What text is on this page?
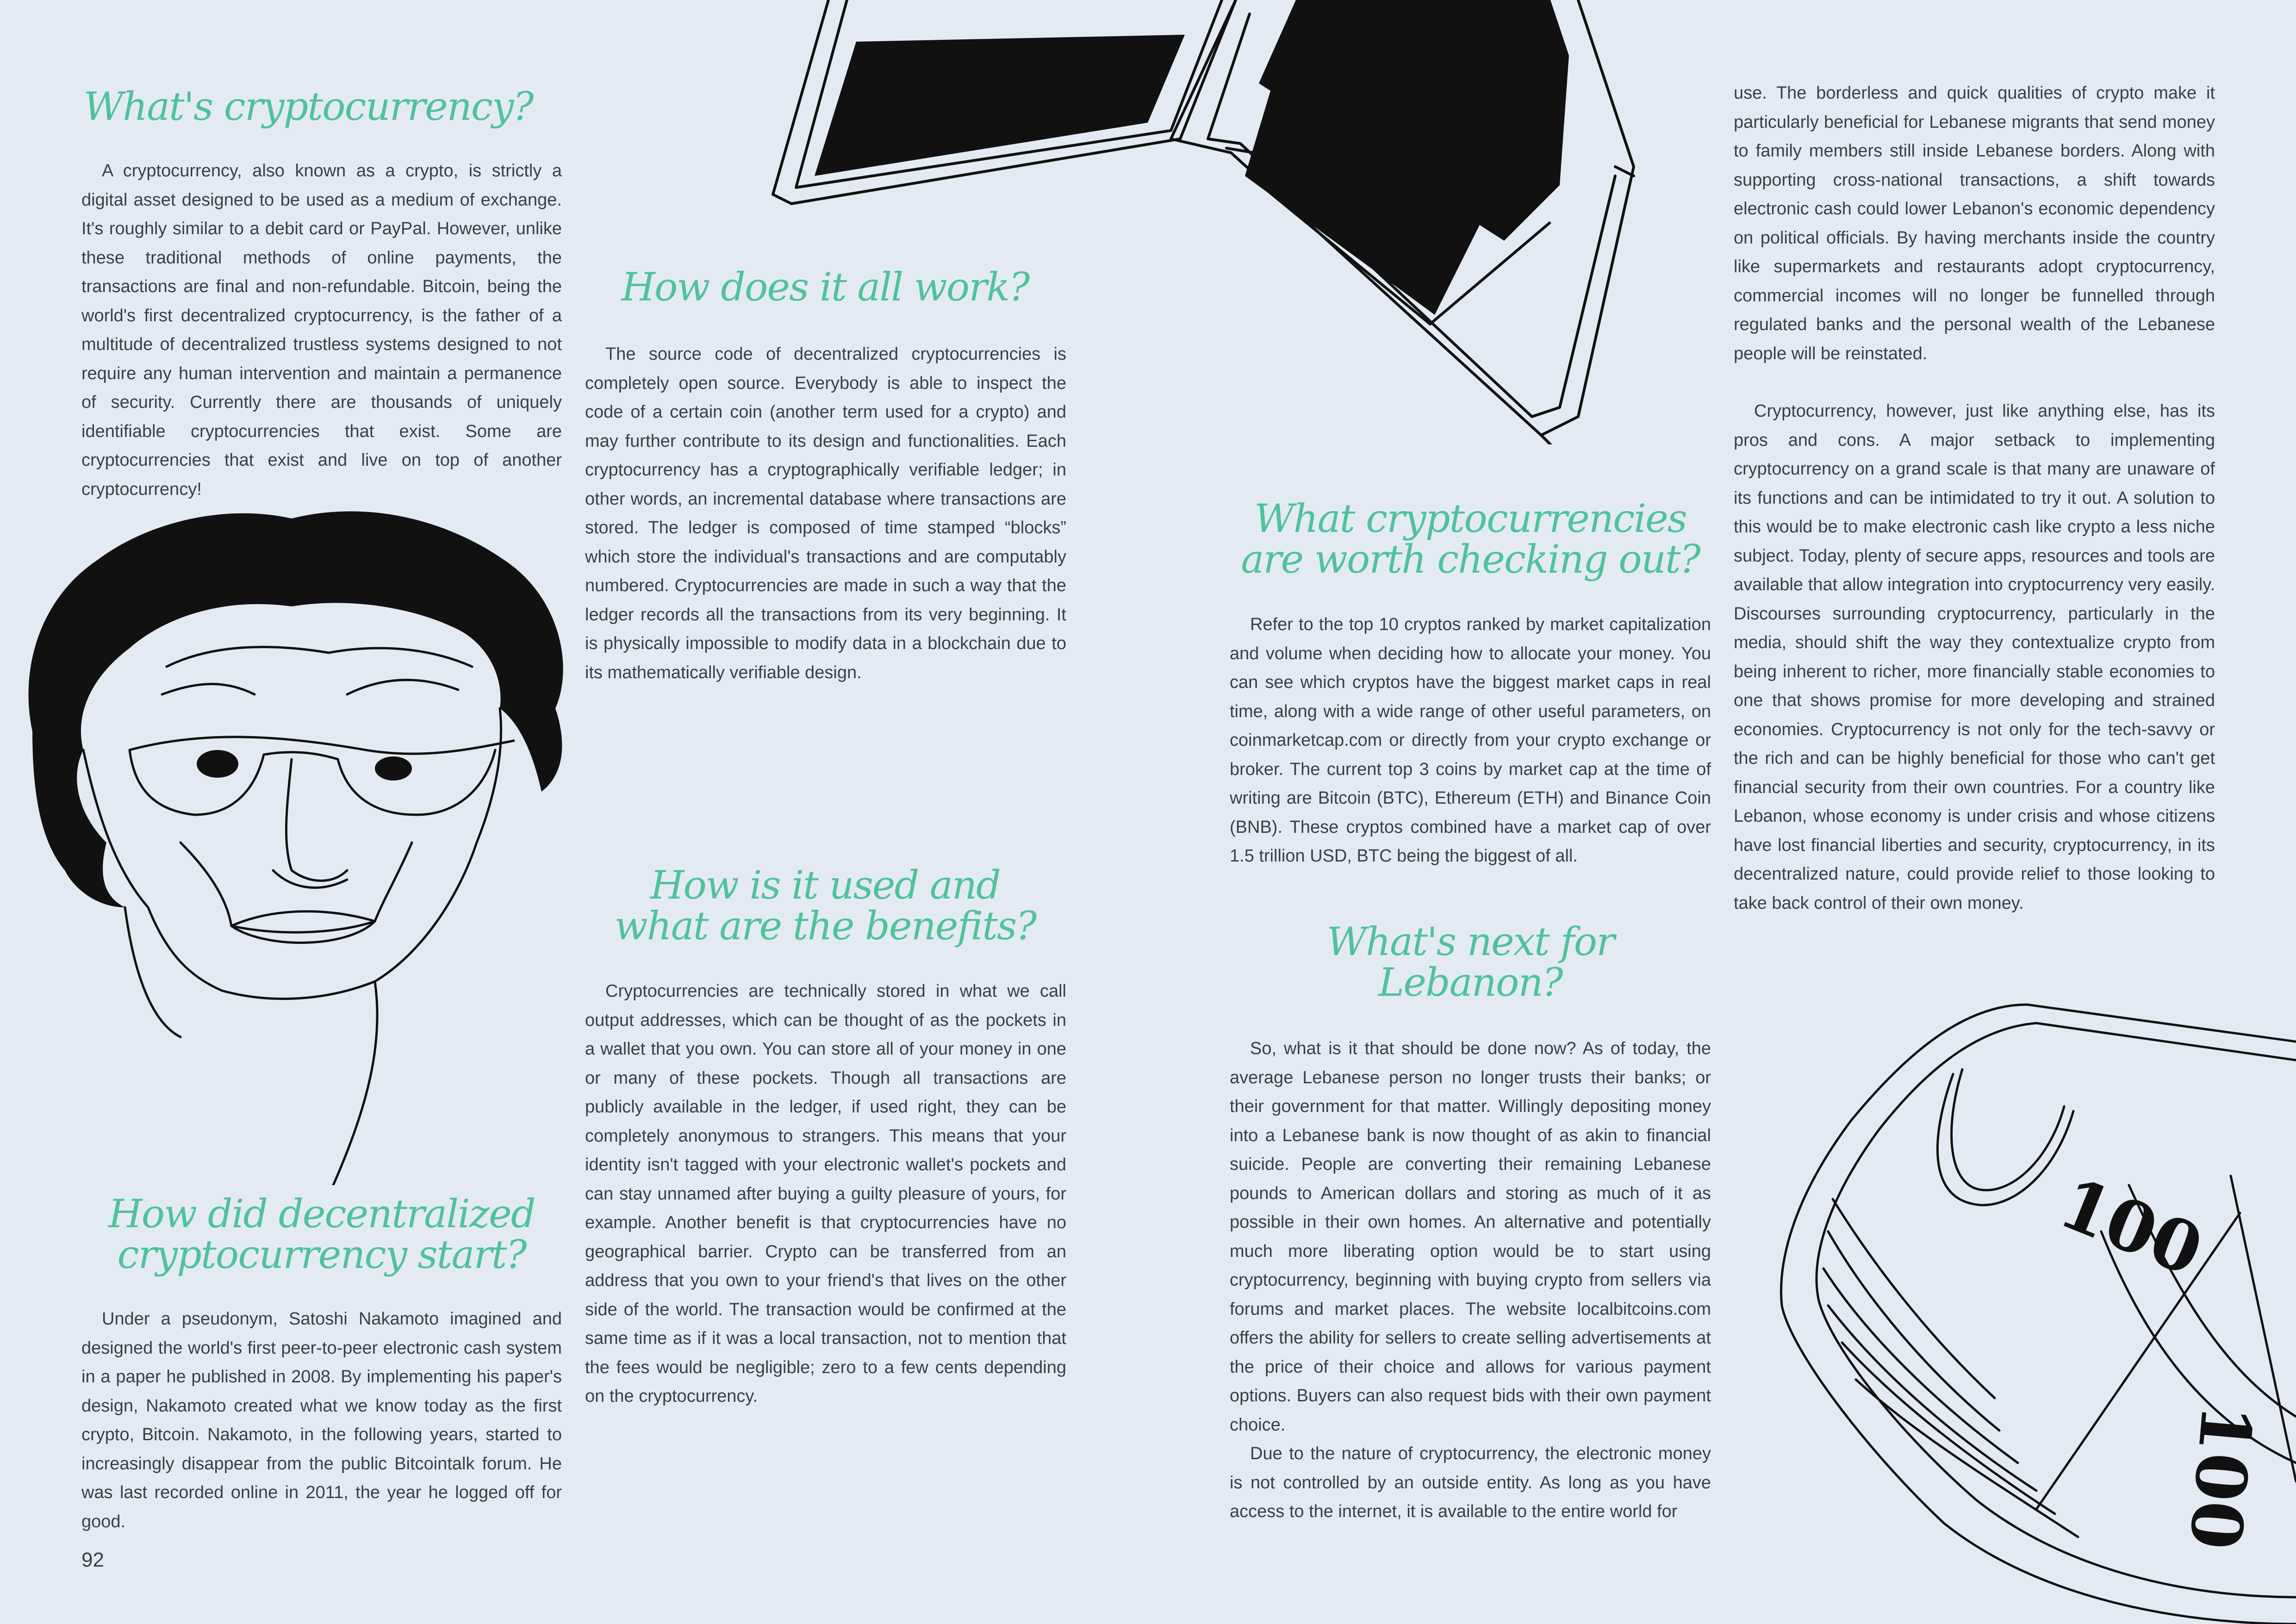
100
100
What's cryptocurrency?

A cryptocurrency, also known as a crypto, is strictly a digital asset designed to be used as a medium of exchange. It's roughly similar to a debit card or PayPal. However, unlike these traditional methods of online payments, the transactions are final and non-refundable. Bitcoin, being the world's first decentralized cryptocurrency, is the father of a multitude of decentralized trustless systems designed to not require any human intervention and maintain a permanence of security. Currently there are thousands of uniquely identifiable cryptocurrencies that exist. Some are cryptocurrencies that exist and live on top of another cryptocurrency!

How did decentralized
cryptocurrency start?

Under a pseudonym, Satoshi Nakamoto imagined and designed the world's first peer-to-peer electronic cash system in a paper he published in 2008. By implementing his paper's design, Nakamoto created what we know today as the first crypto, Bitcoin. Nakamoto, in the following years, started to increasingly disappear from the public Bitcointalk forum. He was last recorded online in 2011, the year he logged off for good.

92
How does it all work?

The source code of decentralized cryptocurrencies is completely open source. Everybody is able to inspect the code of a certain coin (another term used for a crypto) and may further contribute to its design and functionalities. Each cryptocurrency has a cryptographically verifiable ledger; in other words, an incremental database where transactions are stored. The ledger is composed of time stamped “blocks” which store the individual's transactions and are computably numbered. Cryptocurrencies are made in such a way that the ledger records all the transactions from its very beginning. It is physically impossible to modify data in a blockchain due to its mathematically verifiable design.

How is it used and
what are the benefits?

Cryptocurrencies are technically stored in what we call output addresses, which can be thought of as the pockets in a wallet that you own. You can store all of your money in one or many of these pockets. Though all transactions are publicly available in the ledger, if used right, they can be completely anonymous to strangers. This means that your identity isn't tagged with your electronic wallet's pockets and can stay unnamed after buying a guilty pleasure of yours, for example. Another benefit is that cryptocurrencies have no geographical barrier. Crypto can be transferred from an address that you own to your friend's that lives on the other side of the world. The transaction would be confirmed at the same time as if it was a local transaction, not to mention that the fees would be negligible; zero to a few cents depending on the cryptocurrency.

What cryptocurrencies
are worth checking out?

Refer to the top 10 cryptos ranked by market capitalization and volume when deciding how to allocate your money. You can see which cryptos have the biggest market caps in real time, along with a wide range of other useful parameters, on coinmarketcap.com or directly from your crypto exchange or broker. The current top 3 coins by market cap at the time of writing are Bitcoin (BTC), Ethereum (ETH) and Binance Coin (BNB). These cryptos combined have a market cap of over 1.5 trillion USD, BTC being the biggest of all.

What's next for
Lebanon?

So, what is it that should be done now? As of today, the average Lebanese person no longer trusts their banks; or their government for that matter. Willingly depositing money into a Lebanese bank is now thought of as akin to financial suicide. People are converting their remaining Lebanese pounds to American dollars and storing as much of it as possible in their own homes. An alternative and potentially much more liberating option would be to start using cryptocurrency, beginning with buying crypto from sellers via forums and market places. The website localbitcoins.com offers the ability for sellers to create selling advertisements at the price of their choice and allows for various payment options. Buyers can also request bids with their own payment choice.

Due to the nature of cryptocurrency, the electronic money is not controlled by an outside entity. As long as you have access to the internet, it is available to the entire world for

use. The borderless and quick qualities of crypto make it particularly beneficial for Lebanese migrants that send money to family members still inside Lebanese borders. Along with supporting cross-national transactions, a shift towards electronic cash could lower Lebanon's economic dependency on political officials. By having merchants inside the country like supermarkets and restaurants adopt cryptocurrency, commercial incomes will no longer be funnelled through regulated banks and the personal wealth of the Lebanese people will be reinstated.

Cryptocurrency, however, just like anything else, has its pros and cons. A major setback to implementing cryptocurrency on a grand scale is that many are unaware of its functions and can be intimidated to try it out. A solution to this would be to make electronic cash like crypto a less niche subject. Today, plenty of secure apps, resources and tools are available that allow integration into cryptocurrency very easily. Discourses surrounding cryptocurrency, particularly in the media, should shift the way they contextualize crypto from being inherent to richer, more financially stable economies to one that shows promise for more developing and strained economies. Cryptocurrency is not only for the tech-savvy or the rich and can be highly beneficial for those who can't get financial security from their own countries. For a country like Lebanon, whose economy is under crisis and whose citizens have lost financial liberties and security, cryptocurrency, in its decentralized nature, could provide relief to those looking to take back control of their own money.
